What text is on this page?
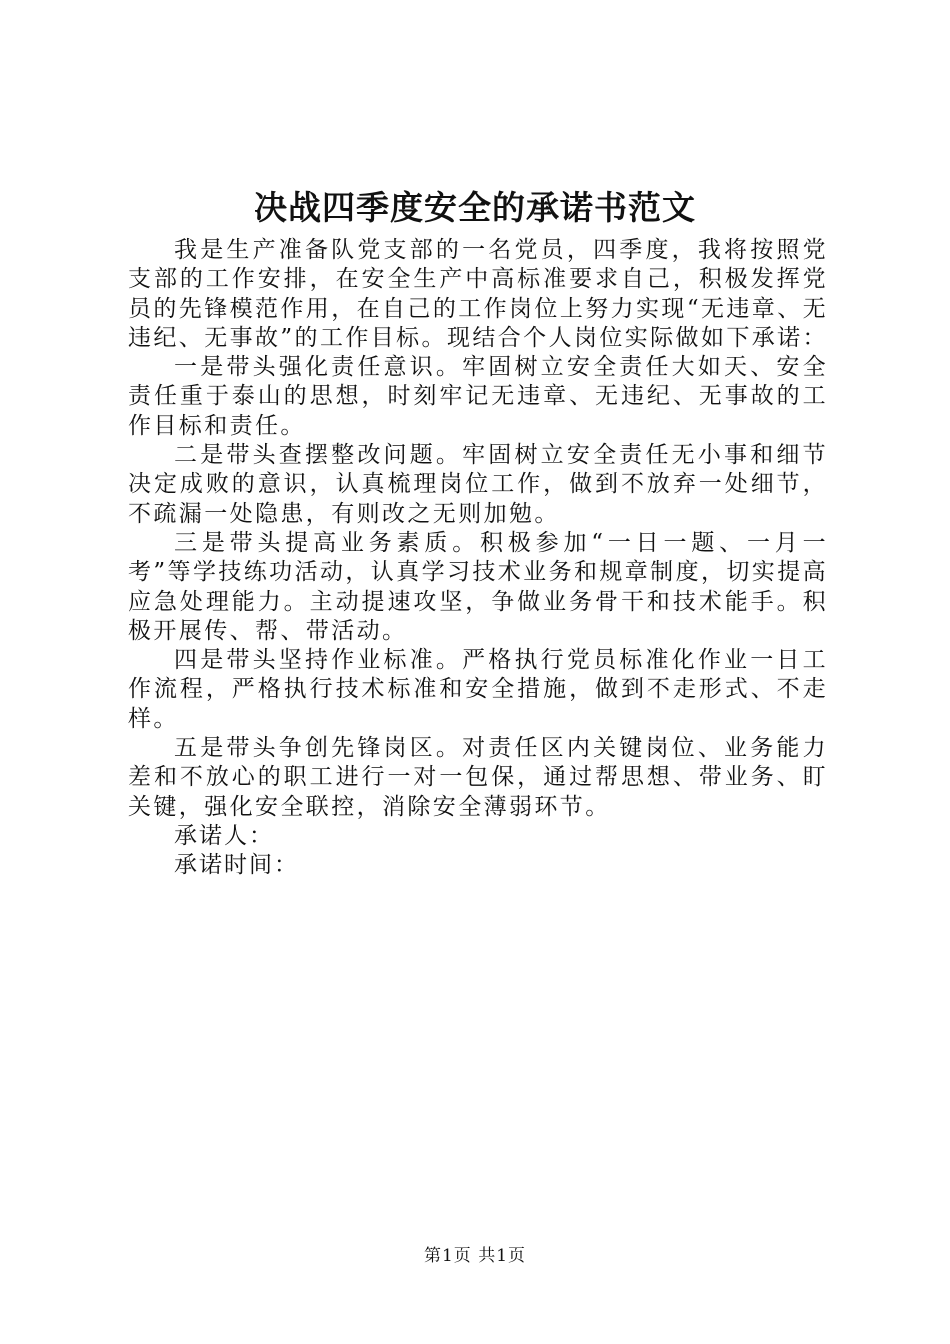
决战四季度安全的承诺书范文

我是生产准备队党支部的一名党员，四季度，我将按照党支部的工作安排，在安全生产中高标准要求自己，积极发挥党员的先锋模范作用，在自己的工作岗位上努力实现“无违章、无违纪、无事故”的工作目标。现结合个人岗位实际做如下承诺：

一是带头强化责任意识。牢固树立安全责任大如天、安全责任重于泰山的思想，时刻牢记无违章、无违纪、无事故的工作目标和责任。

二是带头查摆整改问题。牢固树立安全责任无小事和细节决定成败的意识，认真梳理岗位工作，做到不放弃一处细节，不疏漏一处隐患，有则改之无则加勉。

三是带头提高业务素质。积极参加“一日一题、一月一考”等学技练功活动，认真学习技术业务和规章制度，切实提高应急处理能力。主动提速攻坚，争做业务骨干和技术能手。积极开展传、帮、带活动。

四是带头坚持作业标准。严格执行党员标准化作业一日工作流程，严格执行技术标准和安全措施，做到不走形式、不走样。

五是带头争创先锋岗区。对责任区内关键岗位、业务能力差和不放心的职工进行一对一包保，通过帮思想、带业务、盯关键，强化安全联控，消除安全薄弱环节。

承诺人：

承诺时间：

第1页 共1页
